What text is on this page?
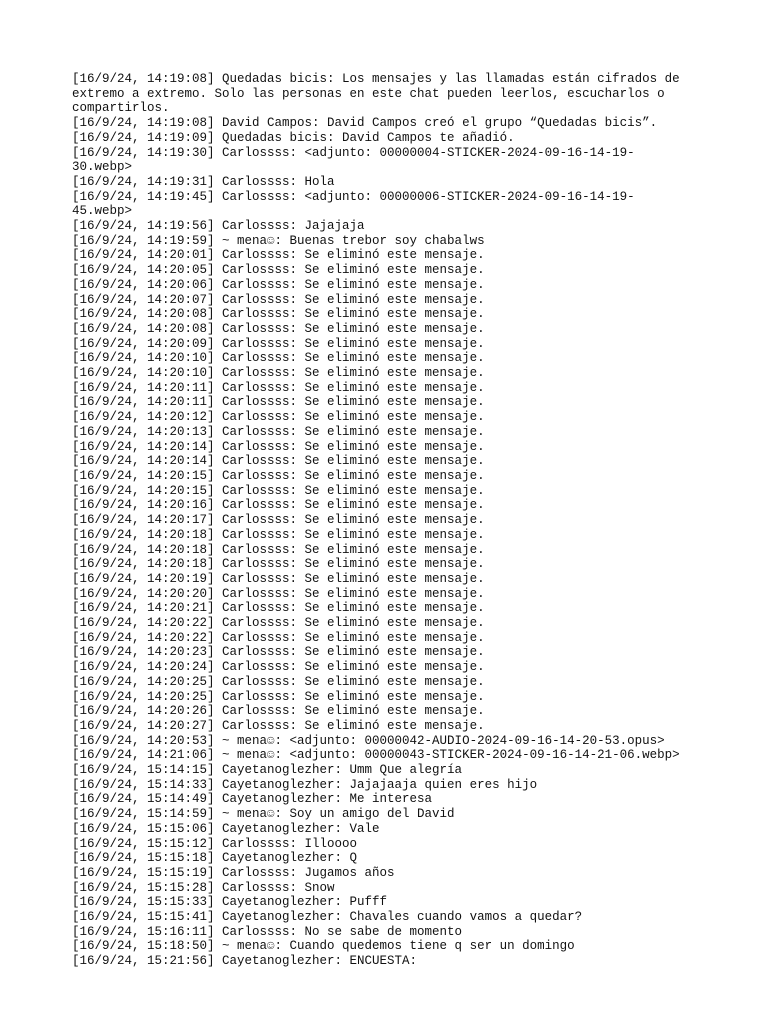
[16/9/24, 14:19:08] Quedadas bicis: Los mensajes y las llamadas están cifrados de extremo a extremo. Solo las personas en este chat pueden leerlos, escucharlos o compartirlos.
[16/9/24, 14:19:08] David Campos: David Campos creó el grupo “Quedadas bicis”.
[16/9/24, 14:19:09] Quedadas bicis: David Campos te añadió.
[16/9/24, 14:19:30] Carlossss: <adjunto: 00000004-STICKER-2024-09-16-14-19-30.webp>
[16/9/24, 14:19:31] Carlossss: Hola
[16/9/24, 14:19:45] Carlossss: <adjunto: 00000006-STICKER-2024-09-16-14-19-45.webp>
[16/9/24, 14:19:56] Carlossss: Jajajaja
[16/9/24, 14:19:59] ~ mena☺: Buenas trebor soy chabalws
[16/9/24, 14:20:01] Carlossss: Se eliminó este mensaje.
[16/9/24, 14:20:05] Carlossss: Se eliminó este mensaje.
[16/9/24, 14:20:06] Carlossss: Se eliminó este mensaje.
[16/9/24, 14:20:07] Carlossss: Se eliminó este mensaje.
[16/9/24, 14:20:08] Carlossss: Se eliminó este mensaje.
[16/9/24, 14:20:08] Carlossss: Se eliminó este mensaje.
[16/9/24, 14:20:09] Carlossss: Se eliminó este mensaje.
[16/9/24, 14:20:10] Carlossss: Se eliminó este mensaje.
[16/9/24, 14:20:10] Carlossss: Se eliminó este mensaje.
[16/9/24, 14:20:11] Carlossss: Se eliminó este mensaje.
[16/9/24, 14:20:11] Carlossss: Se eliminó este mensaje.
[16/9/24, 14:20:12] Carlossss: Se eliminó este mensaje.
[16/9/24, 14:20:13] Carlossss: Se eliminó este mensaje.
[16/9/24, 14:20:14] Carlossss: Se eliminó este mensaje.
[16/9/24, 14:20:14] Carlossss: Se eliminó este mensaje.
[16/9/24, 14:20:15] Carlossss: Se eliminó este mensaje.
[16/9/24, 14:20:15] Carlossss: Se eliminó este mensaje.
[16/9/24, 14:20:16] Carlossss: Se eliminó este mensaje.
[16/9/24, 14:20:17] Carlossss: Se eliminó este mensaje.
[16/9/24, 14:20:18] Carlossss: Se eliminó este mensaje.
[16/9/24, 14:20:18] Carlossss: Se eliminó este mensaje.
[16/9/24, 14:20:18] Carlossss: Se eliminó este mensaje.
[16/9/24, 14:20:19] Carlossss: Se eliminó este mensaje.
[16/9/24, 14:20:20] Carlossss: Se eliminó este mensaje.
[16/9/24, 14:20:21] Carlossss: Se eliminó este mensaje.
[16/9/24, 14:20:22] Carlossss: Se eliminó este mensaje.
[16/9/24, 14:20:22] Carlossss: Se eliminó este mensaje.
[16/9/24, 14:20:23] Carlossss: Se eliminó este mensaje.
[16/9/24, 14:20:24] Carlossss: Se eliminó este mensaje.
[16/9/24, 14:20:25] Carlossss: Se eliminó este mensaje.
[16/9/24, 14:20:25] Carlossss: Se eliminó este mensaje.
[16/9/24, 14:20:26] Carlossss: Se eliminó este mensaje.
[16/9/24, 14:20:27] Carlossss: Se eliminó este mensaje.
[16/9/24, 14:20:53] ~ mena☺: <adjunto: 00000042-AUDIO-2024-09-16-14-20-53.opus>
[16/9/24, 14:21:06] ~ mena☺: <adjunto: 00000043-STICKER-2024-09-16-14-21-06.webp>
[16/9/24, 15:14:15] Cayetanoglezher: Umm Que alegría
[16/9/24, 15:14:33] Cayetanoglezher: Jajajaaja quien eres hijo
[16/9/24, 15:14:49] Cayetanoglezher: Me interesa
[16/9/24, 15:14:59] ~ mena☺: Soy un amigo del David
[16/9/24, 15:15:06] Cayetanoglezher: Vale
[16/9/24, 15:15:12] Carlossss: Illoooo
[16/9/24, 15:15:18] Cayetanoglezher: Q
[16/9/24, 15:15:19] Carlossss: Jugamos años
[16/9/24, 15:15:28] Carlossss: Snow
[16/9/24, 15:15:33] Cayetanoglezher: Pufff
[16/9/24, 15:15:41] Cayetanoglezher: Chavales cuando vamos a quedar?
[16/9/24, 15:16:11] Carlossss: No se sabe de momento
[16/9/24, 15:18:50] ~ mena☺: Cuando quedemos tiene q ser un domingo
[16/9/24, 15:21:56] Cayetanoglezher: ENCUESTA:
